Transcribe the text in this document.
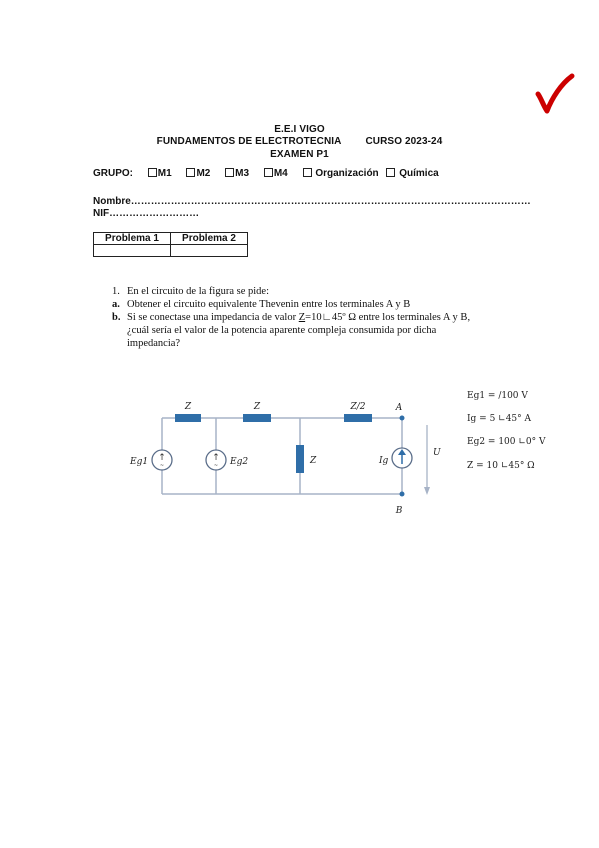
E.E.I VIGO
FUNDAMENTOS DE ELECTROTECNIA CURSO 2023-24
EXAMEN P1
GRUPO: M1 M2 M3 M4	Organización Química
Nombre…………………………………………………………………………………………………………
NIF………………………
Problema 1	Problema 2

1. En el circuito de la figura se pide:
a. Obtener el circuito equivalente Thevenin entre los terminales A y B
b. Si se conectase una impedancia de valor Z=10∟45º Ω entre los terminales A y B,
¿cuál sería el valor de la potencia aparente compleja consumida por dicha
impedancia?
↑
~
↑
~
Z	Z	Z/2
Z
A
B
Eg1	Eg2	Ig
U
Eg1 = /100 V
Ig = 5 ∟45° A
Eg2 = 100 ∟0° V
Z = 10 ∟45° Ω
